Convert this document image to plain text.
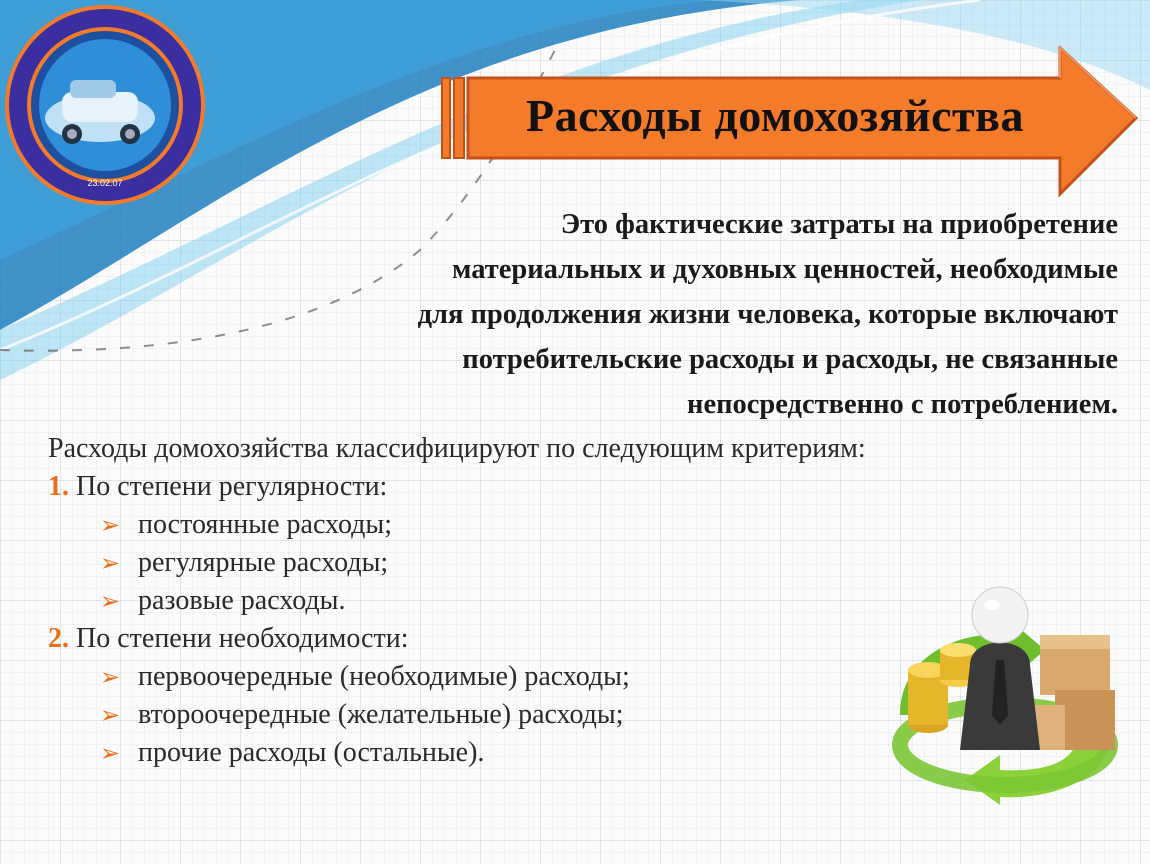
23.02.07
Расходы домохозяйства

Это фактические затраты на приобретение
материальных и духовных ценностей, необходимые
для продолжения жизни человека, которые включают
потребительские расходы и расходы, не связанные
непосредственно с потреблением.

Расходы домохозяйства классифицируют по следующим критериям:
1. По степени регулярности:
➢ постоянные расходы;
➢ регулярные расходы;
➢ разовые расходы.
2. По степени необходимости:
➢ первоочередные (необходимые) расходы;
➢ второочередные (желательные) расходы;
➢ прочие расходы (остальные).
